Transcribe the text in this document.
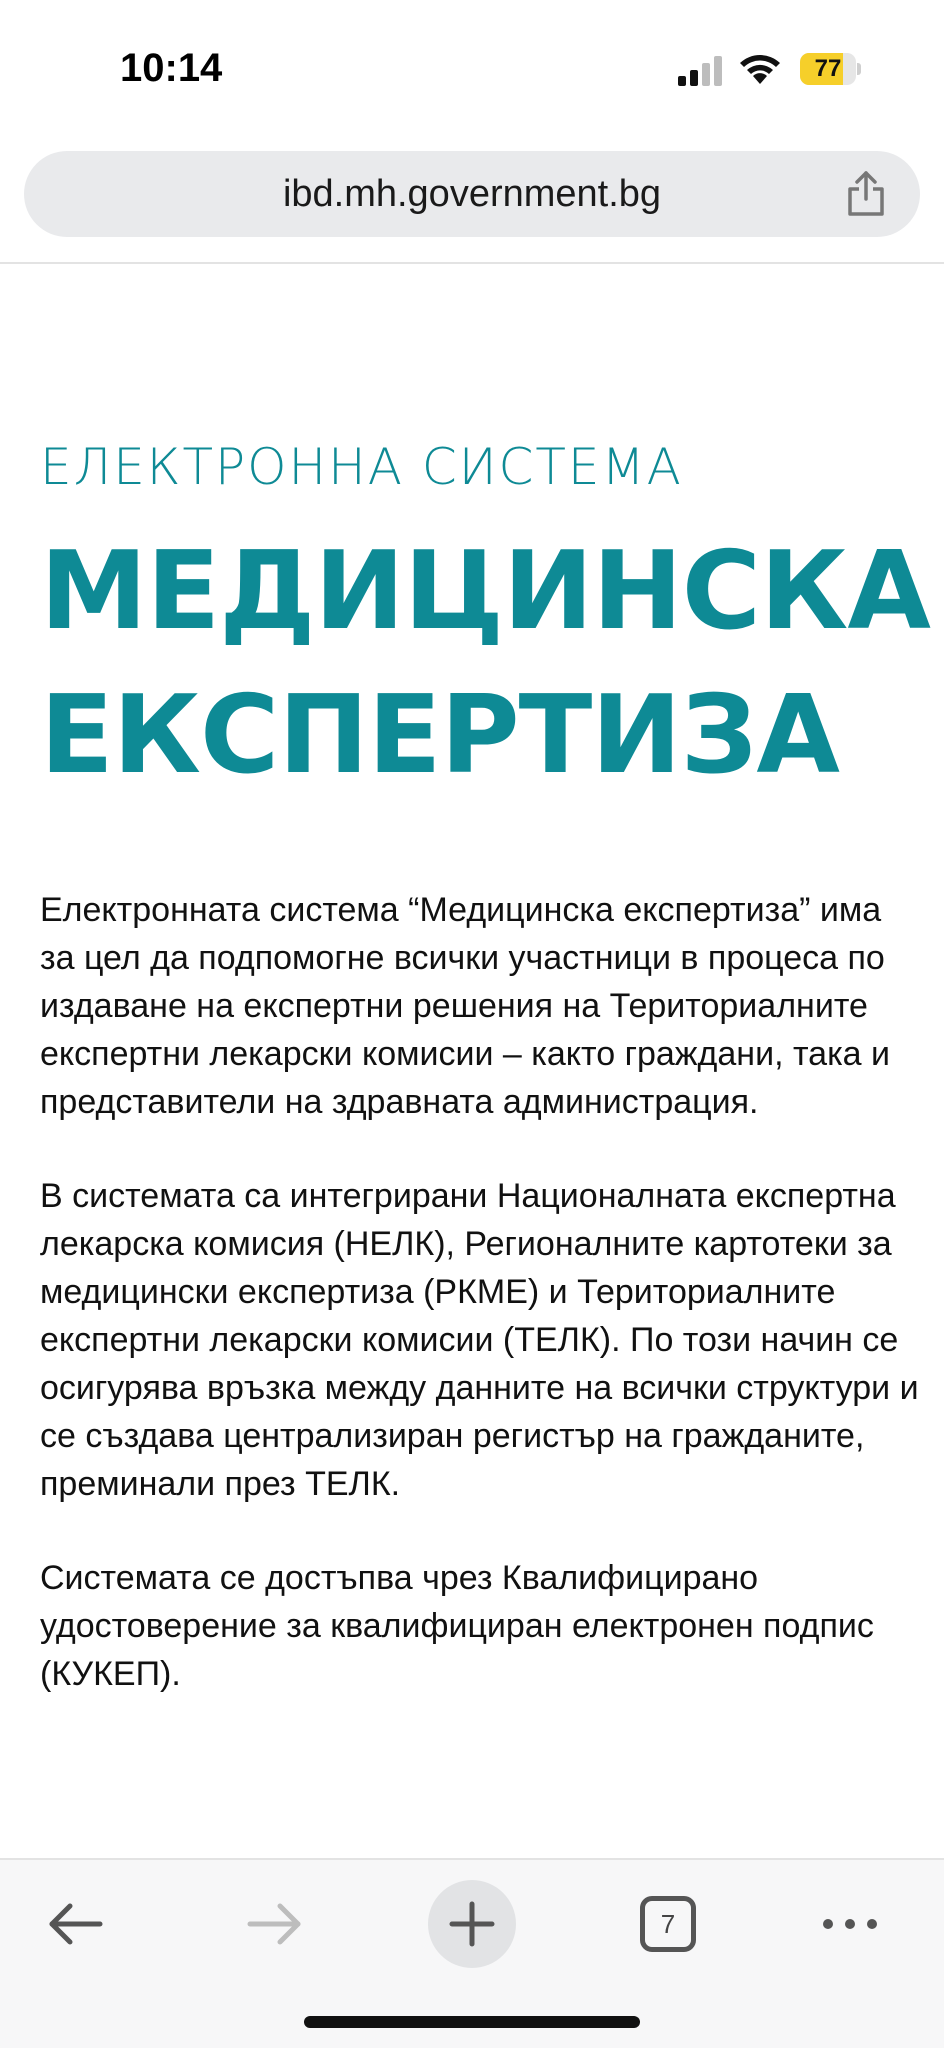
10:14	77
ibd.mh.government.bg
ЕЛЕКТРОННА СИСТЕМА
МЕДИЦИНСКА
ЕКСПЕРТИЗА

Електронната система “Медицинска експертиза” има за цел да подпомогне всички участници в процеса по издаване на експертни решения на Териториалните експертни лекарски комисии – както граждани, така и представители на здравната администрация.

В системата са интегрирани Националната експертна лекарска комисия (НЕЛК), Регионалните картотеки за медицински експертиза (РКМЕ) и Териториалните експертни лекарски комисии (ТЕЛК). По този начин се осигурява връзка между данните на всички структури и се създава централизиран регистър на гражданите, преминали през ТЕЛК.

Системата се достъпва чрез Квалифицирано удостоверение за квалифициран електронен подпис (КУКЕП).

7
